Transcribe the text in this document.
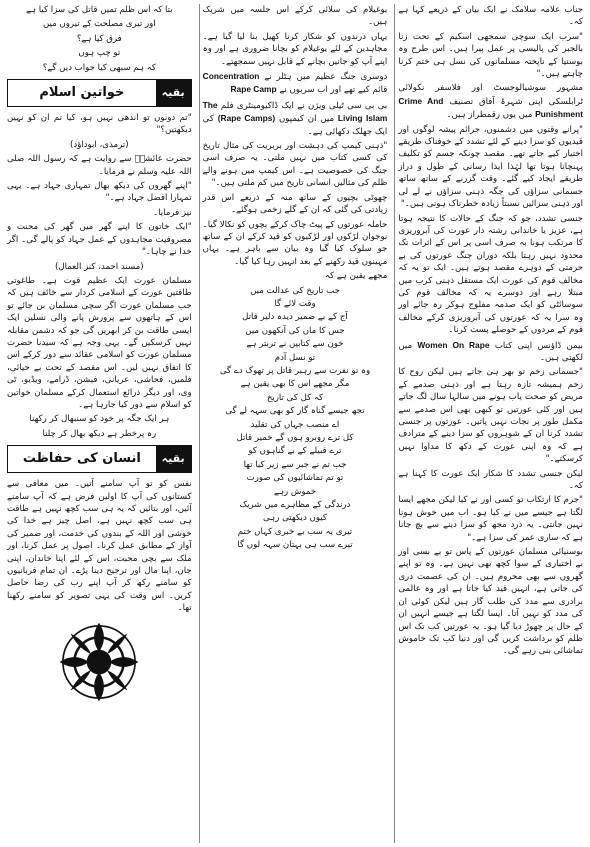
جناب علامہ سلامک نے ایک بیان کے ذریعے کہا ہے کہ۔

"سرب ایک سوچی سمجھی اسکیم کے تحت زنا بالجبر کی پالیسی پر عمل پیرا ہیں۔ اس طرح وہ بوسنیا کے ناپختہ مسلمانوں کی نسل ہی ختم کرنا چاہتے ہیں۔"

مشہور سوشیالوجسٹ اور فلاسفر نکولائی ٹرابلسکی اپنی شہرۂ آفاق تصنیف Crime And Punishment میں یوں رقمطراز ہیں۔

"پرانے وقتوں میں دشمنوں، جرائم پیشہ لوگوں اور قیدیوں کو سزا دینے کے لئے تشدد کے خوفناک طریقے اختیار کیے جاتے تھے۔ مقصد چونکہ جسم کو تکلیف پہنچانا ہوتا تھا لہٰذا ایذا رسانی کے طول و دراز طریقے ایجاد کیے گئے۔ وقت گزرنے کے ساتھ ساتھ جسمانی سزاؤں کی جگہ ذہنی سزاؤں نے لے لی اور ذہنی سزائیں نسبتاً زیادہ خطرناک ہوتی ہیں۔"

جنسی تشدد، جو کہ جنگ کے حالات کا نتیجہ ہوتا ہے، عزیز یا خاندانی رشتہ دار عورت کی آبروریزی کا مرتکب ہونا بہ صرف اسی پر اس کے اثرات تک محدود نہیں رہتا بلکہ دوران جنگ عورتوں کی بے حرمتی کے دوہرے مقصد ہوتے ہیں۔ ایک تو یہ کہ مخالف قوم کی عورت ایک مستقل ذہنی کرب میں مبتلا رہے اور دوسرے یہ کہ مخالف قوم کی سوسائٹی کو ایک صدمہ مفلوج ہوکر رہ جائے اور وہ سرا یہ کہ عورتوں کی آبروریزی کرکے مخالف قوم کے مردوں کے حوصلے پست کرنا۔

بیمن ڈاؤنس اپنی کتاب Women On Rape میں لکھتی ہیں۔

"جسمانی زخم تو بھر ہی جاتے ہیں لیکن روح کا زخم ہمیشہ تازہ رہتا ہے اور ذہنی صدمے کے مریض کو صحت یاب ہونے میں سالہا سال لگ جاتے ہیں اور کئی عورتیں تو کبھی بھی اس صدمے سے مکمل طور پر نجات نہیں پاتیں۔ عورتوں پر جنسی تشدد کرنا ان کے شوہروں کو سزا دینے کے مترادف ہے کہ وہ اپنی عورت کے دکھ کا مداوا نہیں کرسکتے۔"

لیکن جنسی تشدد کا شکار ایک عورت کا کہنا ہے کہ۔

"جرم کا ارتکاب تو کسی اور نے کیا لیکن مجھے ایسا لگتا ہے جیسے میں نے کیا ہو۔ اب میں خوش ہونا نہیں جانتی۔ یہ درد مجھ کو سزا دینے سے بچ جانا ہے کہ ساری عمر کی سزا ہے۔"

بوسنیائی مسلمان عورتوں کے پاس تو بے بسی اور بے اختیاری کے سوا کچھ بھی نہیں ہے۔ وہ تو اپنے گھروں سے بھی محروم ہیں۔ ان کی عصمت دری کی جاتی ہے، انہیں قید کیا جاتا ہے اور وہ عالمی برادری سے مدد کی طلب گار ہیں لیکن کوئی ان کی مدد کو نہیں آتا۔ ایسا لگتا ہے جیسے انہیں ان کے حال پر چھوڑ دیا گیا ہو۔ یہ عورتیں کب تک اس ظلم کو برداشت کریں گی اور دنیا کب تک خاموش تماشائی بنی رہے گی۔

یوغیلام کی سلائی کرکے اس جلسہ میں شریک ہیں۔

یہاں درندوں کو شکار کرنا کھیل بنا لیا گیا ہے۔ مجاہدین کے لئے یوغیلام کو بچانا ضروری ہے اور وہ اپنے آپ کو جانیں بچانے کے قابل نہیں سمجھتے۔

دوسری جنگ عظیم میں ہٹلر نے Concentration قائم کیے تھے اور اب سربوں نے Rape Camp

بی بی سی ٹیلی ویژن نے ایک ڈاکیومینٹری فلم The Living Islam میں ان کیمپوں (Rape Camps) کی ایک جھلک دکھائی ہے۔

"ذہنی کیمپ کی دہشت اور بربریت کی مثال تاریخ کی کسی کتاب میں نہیں ملتی۔ یہ صرف اسی جنگ کی خصوصیت ہے۔ اس کیمپ میں ہونے والے ظلم کی مثالیں انسانی تاریخ میں کم ملتی ہیں۔"

چھوٹی بچیوں کے ساتھ منہ کے ذریعے اس قدر زیادتی کی گئی کہ ان کے گلے زخمی ہوگئے۔

حاملہ عورتوں کے پیٹ چاک کرکے بچوں کو نکالا گیا۔ نوجوان لڑکوں اور لڑکیوں کو قید کرکے ان کے ساتھ جو سلوک کیا گیا وہ بیان سے باہر ہے۔ یہاں مہینوں قید رکھنے کے بعد انہیں رہا کیا گیا۔

مجھے یقین ہے کہ

جب تاریخ کی عدالت میں

وقت لائے گا

آج کے بے ضمیر دیدہ دلیر قاتل

جس کا ماں کی آنکھوں میں

خون سے کتابیں نے تربتر ہے

تو نسل آدم

وہ تو نفرت سے رہبر قاتل پر تھوک دے گی

مگر مجھے اس کا بھی یقین ہے

کہ کل کی تاریخ

تجھ جیسے گناہ گار کو بھی سہہ لے گی

اے منصب جہاں کی تقلید

کل ترے روبرو ہوں گے خمیر قاتل

ترے قبیلے کے بے گناہوں کو

جب تم نے جبر سے زیر کیا تھا

تو تم تماشائیوں کی صورت

خموش رہے

درندگی کے مظاہرے میں شریک

کیوں دیکھتی رہی

تیری یہ سب بے خبری کہاں ختم

تیرے سب ہی بہتان سہہ لوں گا

بتا کہ اس ظلم تمیں قاتل کی سزا کیا ہے

اور تیری مصلحت کے تیروں میں

فرق کیا ہے؟

تو چپ ہوں

کہ ہم سبھی کیا جواب دیں گے؟

بقیہ
خواتین اسلام

"تم دونوں تو اندھی نہیں ہو، کیا تم ان کو نہیں دیکھتیں؟"

(ترمذی، ابوداؤد)

حضرت عائشہؓ سے روایت ہے کہ رسول اللہ صلی اللہ علیہ وسلم نے فرمایا۔

"اپنے گھروں کی دیکھ بھال تمہاری جہاد ہے۔ یہی تمہارا افضل جہاد ہے۔"

نیز فرمایا۔

"ایک خاتون کا اپنے گھر میں گھر کی محنت و مصروفیت مجاہدوں کے عمل جہاد کو پالے گی۔ اگر خدا نے چاہا۔"

(مسند احمد، کنز العمال)

مسلمان عورت ایک عظیم قوت ہے۔ طاغوتی طاقتیں عورت کے اسلامی کردار سے خائف ہیں کہ جب مسلمان عورت اگر سچی مسلمان بن جائے تو اس کے ہاتھوں سے پرورش پانے والی نسلیں ایک ایسی طاقت بن کر ابھریں گی جو کہ دشمن مقابلہ نہیں کرسکیں گے۔ یہی وجہ ہے کہ سیدنا حضرت مسلمان عورت کو اسلامی عقائد سے دور کرکے اس کا اتفاق نہیں لیں۔ اس مقصد کے تحت بے حیائی، فلمیں، فحاشی، عریانی، فیشن، ڈرامے، ویڈیو، ٹی وی، اور دیگر ذرائع استعمال کرکے مسلمان خواتین کو اسلام سے دور کیا جارہا ہے۔

ہر ایک جگہ پر خود کو سنبھال کر رکھنا

رہ پرخطر ہے دیکھ بھال کر چلنا

بقیہ
انسان کی حفاظت

نفس کو تو آپ سامنے آتیں۔ میں معافی سے کستانوں کی آپ کا اولین فرض ہے کہ آپ سامنے آئیں، اور بتائیں کہ یہ ہی سب کچھ نہیں ہے طاقت ہی سب کچھ نہیں ہے، اصل چیز ہے خدا کی خوشی اور اللہ کے بندوں کی خدمت، اور ضمیر کی آواز کے مطابق عمل کرنا۔ اصول پر عمل کرنا، اور ملک سے بچی محبت، اس کے لئے اپنا خاندان، اپنی جان، اپنا مال اور ترجیح دینا پڑے۔ ان تمام قربانیوں کو سامنے رکھ کر آپ اپنے رب کی رضا حاصل کریں۔ اس وقت کی یہی تصویر کو سامنے رکھنا تھا۔
